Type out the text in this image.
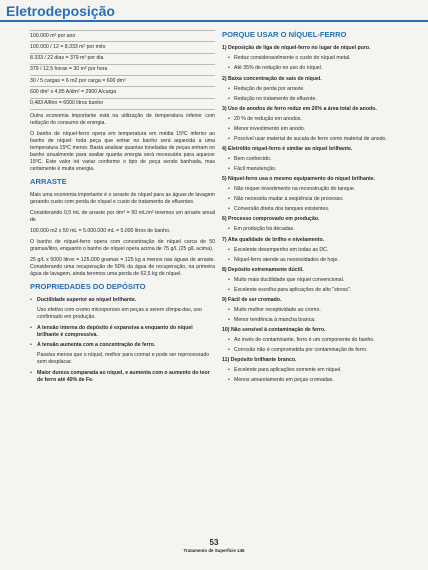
Eletrodeposição
100.000 m² por ano
100.000 / 12 = 8.333 m² por mês
8.333 / 22 dias = 379 m² por dia
379 / 12,5 horas = 30 m² por hora
30 / 5 cargas = 6 m2 por carga = 600 dm²
600 dm² x 4,85 A/dm² = 2900 A/carga
0,483 A/litro = 6000 litros banho

Outra economia importante está na utilização de temperatura inferior com redução do consumo de energia.

O banho de níquel-ferro opera em temperatura em média 15ºC inferior ao banho de níquel: toda peça que entrar no banho será aquecida a uma temperatura 15ºC menor. Basta analisar quantas toneladas de peças entram no banho anualmente para avaliar quanta energia será necessária para aquecer 15ºC. Este valor irá variar conforme o tipo de peça sendo banhada, mas certamente é muita energia.

ARRASTE

Mais uma economia importante é o arraste de níquel para as águas de lavagem gerando custo com perda de níquel e custo de tratamento de efluentes.

Considerando 0,5 mL de arraste por dm² = 50 mL/m² teremos um arraste anual de

100.000 m2 x 50 mL = 5.000.000 mL = 5.000 litros de banho.

O banho de níquel-ferro opera com concentração de níquel cerca de 50 gramas/litro, enquanto o banho de níquel opera acima de 75 g/L (25 g/L acima).

25 g/L x 5000 litros = 125.000 gramas = 125 kg a menos nas águas de arraste. Considerando uma recuperação de 50% da água de recuperação, na primeira água de lavagem, ainda teremos uma perda de 62,5 kg de níquel.

PROPRIEDADES DO DEPÓSITO
• Ductilidade superior ao níquel brilhante.

Uso efetivo com cromo microporoso em peças a serem climpa-das, uso confirmado em produção.

• A tensão interna do depósito é expansiva a enquanto do níquel brilhante é compressiva.
• A tensão aumenta com a concentração de ferro.

Passiva menos que o níquel, melhor para cromar e pode ser reprocessado sem desplacar.

• Maior dureza comparada ao níquel, e aumenta com o aumento do teor de ferro até 40% de Fe.
PORQUE USAR O NÍQUEL-FERRO
1) Deposição de liga de níquel-ferro no lugar de níquel puro.
• Reduz consideravelmente o custo do níquel metal.
• Até 35% de redução no uso do níquel.
2) Baixa concentração de sais de níquel.
• Redução de perda por arraste.
• Redução no tratamento de efluente.
3) Uso de anodos de ferro reduz em 20% a área total de anodo.
• 20 % de redução em anodos.
• Menor investimento em anodo.
• Possível usar material de sucata de ferro como material de anodo.
4) Eletrólito níquel-ferro é similar ao níquel brilhante.
• Bem conhecido.
• Fácil manutenção.
5) Níquel-ferro usa o mesmo equipamento do níquel brilhante.
• Não requer investimento na reconstrução do tanque.
• Não necessita mudar a seqüência de processo.
• Conversão direta dos tanques existentes.
6) Processo comprovado em produção.
• Em produção há décadas.
7) Alta qualidade de brilho e nivelamento.
• Excelente desempenho em todas as DC.
• Níquel-ferro atende as necessidades de hoje.
8) Depósito extremamente dúctil.
• Muito mais ductilidade que níquel convencional.
• Excelente escolha para aplicações de alto "stress".
9) Fácil de ser cromado.
• Muito melhor receptividade ao cromo.
• Menor tendência à mancha branca.
10) Não sensível à contaminação de ferro.
• Ao invés de contaminante, ferro é um componente do banho.
• Corrosão não é comprometida por contaminação de ferro.
11) Depósito brilhante branco.
• Excelente para aplicações somente em níquel.
• Menos amarelamento em peças cromadas.
53
Tratamento de Superfície 145
